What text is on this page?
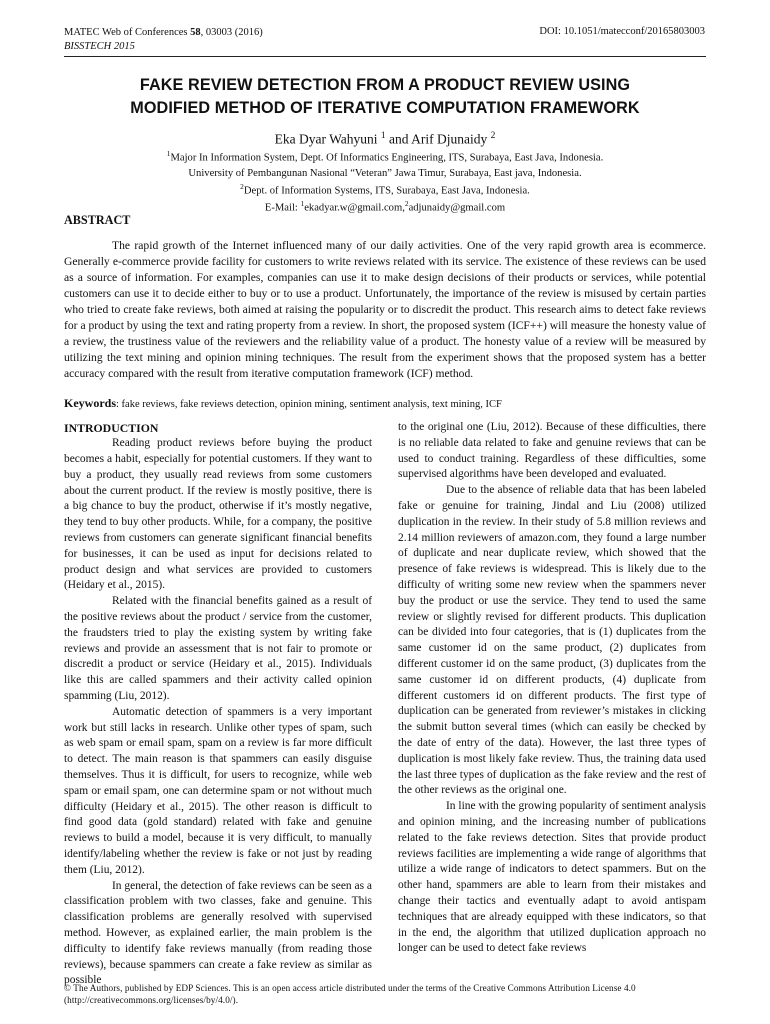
MATEC Web of Conferences 58, 03003 (2016)
BISSTECH 2015
DOI: 10.1051/matecconf/20165803003
FAKE REVIEW DETECTION FROM A PRODUCT REVIEW USING
MODIFIED METHOD OF ITERATIVE COMPUTATION FRAMEWORK
Eka Dyar Wahyuni $^1$ and Arif Djunaidy $^2$
$^1$Major In Information System, Dept. Of Informatics Engineering, ITS, Surabaya, East Java, Indonesia.
University of Pembangunan Nasional “Veteran” Jawa Timur, Surabaya, East java, Indonesia.
$^2$Dept. of Information Systems, ITS, Surabaya, East Java, Indonesia.
E-Mail: $^1$ekadyar.w@gmail.com,$^2$adjunaidy@gmail.com
ABSTRACT
The rapid growth of the Internet influenced many of our daily activities. One of the very rapid growth area is ecommerce. Generally e-commerce provide facility for customers to write reviews related with its service. The existence of these reviews can be used as a source of information. For examples, companies can use it to make design decisions of their products or services, while potential customers can use it to decide either to buy or to use a product. Unfortunately, the importance of the review is misused by certain parties who tried to create fake reviews, both aimed at raising the popularity or to discredit the product. This research aims to detect fake reviews for a product by using the text and rating property from a review. In short, the proposed system (ICF++) will measure the honesty value of a review, the trustiness value of the reviewers and the reliability value of a product. The honesty value of a review will be measured by utilizing the text mining and opinion mining techniques. The result from the experiment shows that the proposed system has a better accuracy compared with the result from iterative computation framework (ICF) method.
Keywords: fake reviews, fake reviews detection, opinion mining, sentiment analysis, text mining, ICF
INTRODUCTION

Reading product reviews before buying the product becomes a habit, especially for potential customers. If they want to buy a product, they usually read reviews from some customers about the current product. If the review is mostly positive, there is a big chance to buy the product, otherwise if it’s mostly negative, they tend to buy other products. While, for a company, the positive reviews from customers can generate significant financial benefits for businesses, it can be used as input for decisions related to product design and what services are provided to customers (Heidary et al., 2015).

Related with the financial benefits gained as a result of the positive reviews about the product / service from the customer, the fraudsters tried to play the existing system by writing fake reviews and provide an assessment that is not fair to promote or discredit a product or service (Heidary et al., 2015). Individuals like this are called spammers and their activity called opinion spamming (Liu, 2012).

Automatic detection of spammers is a very important work but still lacks in research. Unlike other types of spam, such as web spam or email spam, spam on a review is far more difficult to detect. The main reason is that spammers can easily disguise themselves. Thus it is difficult, for users to recognize, while web spam or email spam, one can determine spam or not without much difficulty (Heidary et al., 2015). The other reason is difficult to find good data (gold standard) related with fake and genuine reviews to build a model, because it is very difficult, to manually identify/labeling whether the review is fake or not just by reading them (Liu, 2012).

In general, the detection of fake reviews can be seen as a classification problem with two classes, fake and genuine. This classification problems are generally resolved with supervised method. However, as explained earlier, the main problem is the difficulty to identify fake reviews manually (from reading those reviews), because spammers can create a fake review as similar as possible

to the original one (Liu, 2012). Because of these difficulties, there is no reliable data related to fake and genuine reviews that can be used to conduct training. Regardless of these difficulties, some supervised algorithms have been developed and evaluated.

Due to the absence of reliable data that has been labeled fake or genuine for training, Jindal and Liu (2008) utilized duplication in the review. In their study of 5.8 million reviews and 2.14 million reviewers of amazon.com, they found a large number of duplicate and near duplicate review, which showed that the presence of fake reviews is widespread. This is likely due to the difficulty of writing some new review when the spammers never buy the product or use the service. They tend to used the same review or slightly revised for different products. This duplication can be divided into four categories, that is (1) duplicates from the same customer id on the same product, (2) duplicates from different customer id on the same product, (3) duplicates from the same customer id on different products, (4) duplicate from different customers id on different products. The first type of duplication can be generated from reviewer’s mistakes in clicking the submit button several times (which can easily be checked by the date of entry of the data). However, the last three types of duplication is most likely fake review. Thus, the training data used the last three types of duplication as the fake review and the rest of the other reviews as the original one.

In line with the growing popularity of sentiment analysis and opinion mining, and the increasing number of publications related to the fake reviews detection. Sites that provide product reviews facilities are implementing a wide range of algorithms that utilize a wide range of indicators to detect spammers. But on the other hand, spammers are able to learn from their mistakes and change their tactics and eventually adapt to avoid antispam techniques that are already equipped with these indicators, so that in the end, the algorithm that utilized duplication approach no longer can be used to detect fake reviews

© The Authors, published by EDP Sciences. This is an open access article distributed under the terms of the Creative Commons Attribution License 4.0 (http://creativecommons.org/licenses/by/4.0/).
